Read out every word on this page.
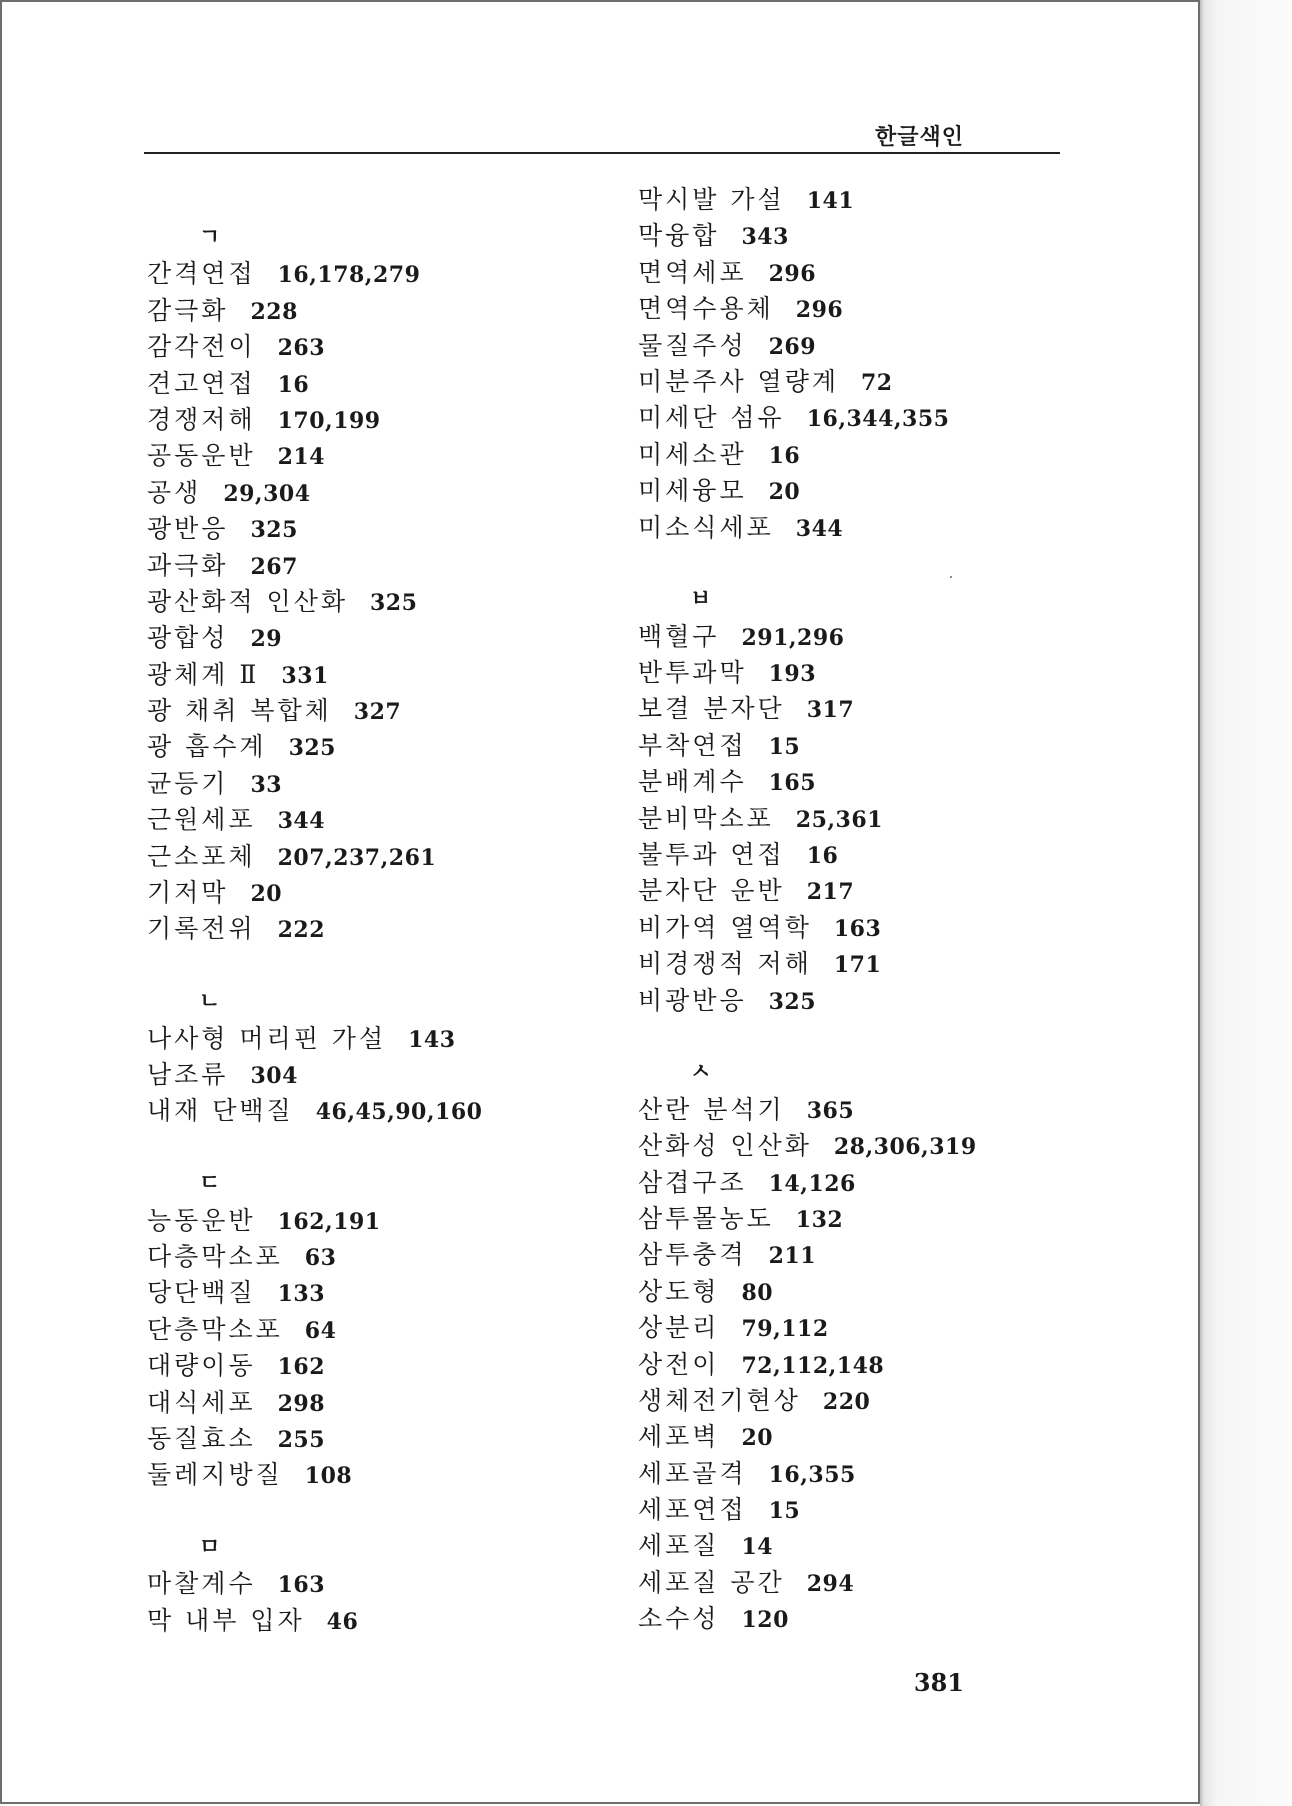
한글색인
ㄱ
간격연접 16,178,279
감극화 228
감각전이 263
견고연접 16
경쟁저해 170,199
공동운반 214
공생 29,304
광반응 325
과극화 267
광산화적 인산화 325
광합성 29
광체계 Ⅱ 331
광 채취 복합체 327
광 흡수계 325
균등기 33
근원세포 344
근소포체 207,237,261
기저막 20
기록전위 222
ㄴ
나사형 머리핀 가설 143
남조류 304
내재 단백질 46,45,90,160
ㄷ
능동운반 162,191
다층막소포 63
당단백질 133
단층막소포 64
대량이동 162
대식세포 298
동질효소 255
둘레지방질 108
ㅁ
마찰계수 163
막 내부 입자 46
막시발 가설 141
막융합 343
면역세포 296
면역수용체 296
물질주성 269
미분주사 열량계 72
미세단 섬유 16,344,355
미세소관 16
미세융모 20
미소식세포 344
ㅂ
백혈구 291,296
반투과막 193
보결 분자단 317
부착연접 15
분배계수 165
분비막소포 25,361
불투과 연접 16
분자단 운반 217
비가역 열역학 163
비경쟁적 저해 171
비광반응 325
ㅅ
산란 분석기 365
산화성 인산화 28,306,319
삼겹구조 14,126
삼투몰농도 132
삼투충격 211
상도형 80
상분리 79,112
상전이 72,112,148
생체전기현상 220
세포벽 20
세포골격 16,355
세포연접 15
세포질 14
세포질 공간 294
소수성 120
381
